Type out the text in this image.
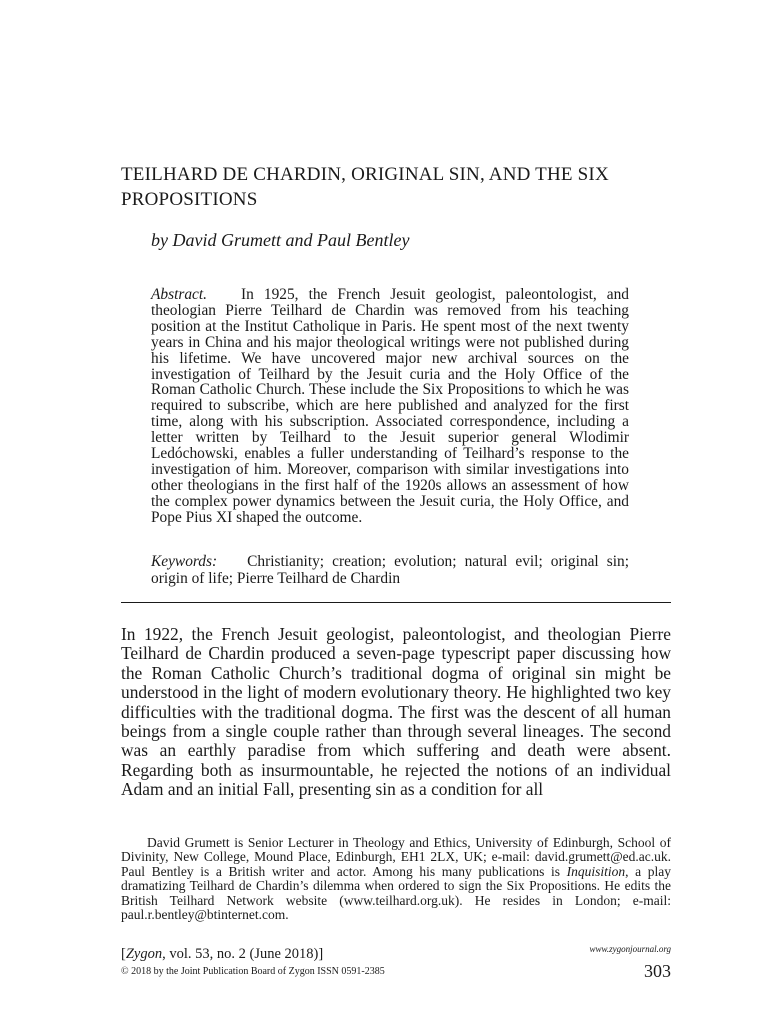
TEILHARD DE CHARDIN, ORIGINAL SIN, AND THE SIX PROPOSITIONS
by David Grumett and Paul Bentley
Abstract. In 1925, the French Jesuit geologist, paleontologist, and theologian Pierre Teilhard de Chardin was removed from his teaching position at the Institut Catholique in Paris. He spent most of the next twenty years in China and his major theological writings were not published during his lifetime. We have uncovered major new archival sources on the investigation of Teilhard by the Jesuit curia and the Holy Office of the Roman Catholic Church. These include the Six Propositions to which he was required to subscribe, which are here published and analyzed for the first time, along with his subscription. Associated correspondence, including a letter written by Teilhard to the Jesuit superior general Wlodimir Ledóchowski, enables a fuller understanding of Teilhard’s response to the investigation of him. Moreover, comparison with similar investigations into other theologians in the first half of the 1920s allows an assessment of how the complex power dynamics between the Jesuit curia, the Holy Office, and Pope Pius XI shaped the outcome.
Keywords: Christianity; creation; evolution; natural evil; original sin; origin of life; Pierre Teilhard de Chardin
In 1922, the French Jesuit geologist, paleontologist, and theologian Pierre Teilhard de Chardin produced a seven-page typescript paper discussing how the Roman Catholic Church’s traditional dogma of original sin might be understood in the light of modern evolutionary theory. He highlighted two key difficulties with the traditional dogma. The first was the descent of all human beings from a single couple rather than through several lineages. The second was an earthly paradise from which suffering and death were absent. Regarding both as insurmountable, he rejected the notions of an individual Adam and an initial Fall, presenting sin as a condition for all
David Grumett is Senior Lecturer in Theology and Ethics, University of Edinburgh, School of Divinity, New College, Mound Place, Edinburgh, EH1 2LX, UK; e-mail: david.grumett@ed.ac.uk. Paul Bentley is a British writer and actor. Among his many publications is Inquisition, a play dramatizing Teilhard de Chardin’s dilemma when ordered to sign the Six Propositions. He edits the British Teilhard Network website (www.teilhard.org.uk). He resides in London; e-mail: paul.r.bentley@btinternet.com.
www.zygonjournal.org
[Zygon, vol. 53, no. 2 (June 2018)]
© 2018 by the Joint Publication Board of Zygon ISSN 0591-2385	303
